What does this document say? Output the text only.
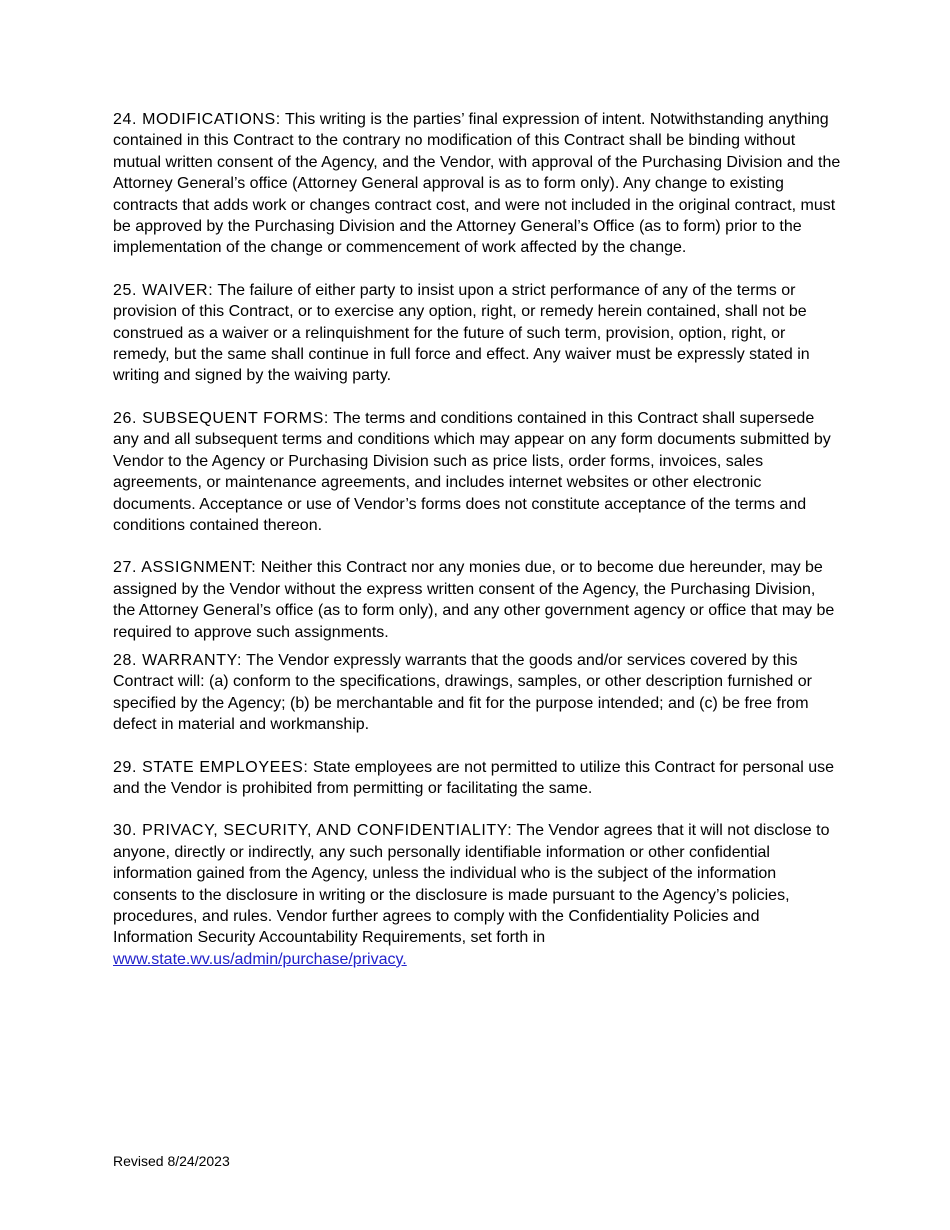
24. MODIFICATIONS: This writing is the parties’ final expression of intent. Notwithstanding anything contained in this Contract to the contrary no modification of this Contract shall be binding without mutual written consent of the Agency, and the Vendor, with approval of the Purchasing Division and the Attorney General’s office (Attorney General approval is as to form only). Any change to existing contracts that adds work or changes contract cost, and were not included in the original contract, must be approved by the Purchasing Division and the Attorney General’s Office (as to form) prior to the implementation of the change or commencement of work affected by the change.

25. WAIVER: The failure of either party to insist upon a strict performance of any of the terms or provision of this Contract, or to exercise any option, right, or remedy herein contained, shall not be construed as a waiver or a relinquishment for the future of such term, provision, option, right, or remedy, but the same shall continue in full force and effect. Any waiver must be expressly stated in writing and signed by the waiving party.

26. SUBSEQUENT FORMS: The terms and conditions contained in this Contract shall supersede any and all subsequent terms and conditions which may appear on any form documents submitted by Vendor to the Agency or Purchasing Division such as price lists, order forms, invoices, sales agreements, or maintenance agreements, and includes internet websites or other electronic documents. Acceptance or use of Vendor’s forms does not constitute acceptance of the terms and conditions contained thereon.

27. ASSIGNMENT: Neither this Contract nor any monies due, or to become due hereunder, may be assigned by the Vendor without the express written consent of the Agency, the Purchasing Division, the Attorney General’s office (as to form only), and any other government agency or office that may be required to approve such assignments.

28. WARRANTY: The Vendor expressly warrants that the goods and/or services covered by this Contract will: (a) conform to the specifications, drawings, samples, or other description furnished or specified by the Agency; (b) be merchantable and fit for the purpose intended; and (c) be free from defect in material and workmanship.

29. STATE EMPLOYEES: State employees are not permitted to utilize this Contract for personal use and the Vendor is prohibited from permitting or facilitating the same.

30. PRIVACY, SECURITY, AND CONFIDENTIALITY: The Vendor agrees that it will not disclose to anyone, directly or indirectly, any such personally identifiable information or other confidential information gained from the Agency, unless the individual who is the subject of the information consents to the disclosure in writing or the disclosure is made pursuant to the Agency’s policies, procedures, and rules. Vendor further agrees to comply with the Confidentiality Policies and Information Security Accountability Requirements, set forth in www.state.wv.us/admin/purchase/privacy.

Revised 8/24/2023
